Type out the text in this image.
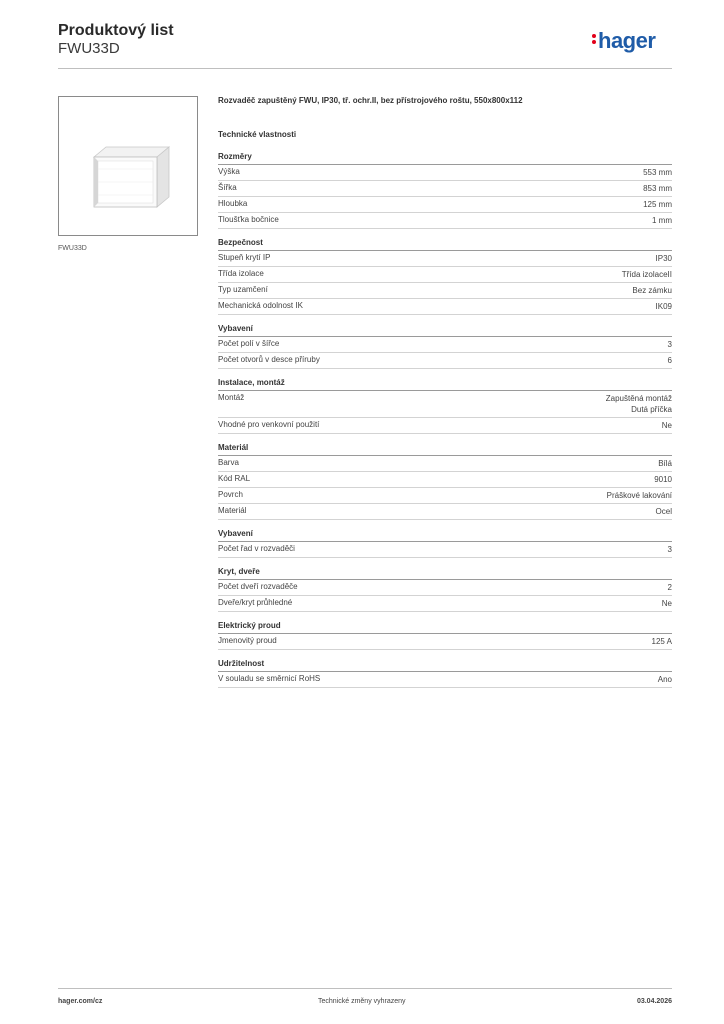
Produktový list
FWU33D	hager
FWU33D
Rozvaděč zapuštěný FWU, IP30, tř. ochr.II, bez přístrojového roštu, 550x800x112
Technické vlastnosti
Rozměry
Výška	553 mm
Šířka	853 mm
Hloubka	125 mm
Tloušťka bočnice	1 mm
Bezpečnost
Stupeň krytí IP	IP30
Třída izolace	Třída izolaceII
Typ uzamčení	Bez zámku
Mechanická odolnost IK	IK09
Vybavení
Počet polí v šířce	3
Počet otvorů v desce příruby	6
Instalace, montáž
Montáž	Zapuštěná montáž
Dutá příčka
Vhodné pro venkovní použití	Ne
Materiál
Barva	Bílá
Kód RAL	9010
Povrch	Práškové lakování
Materiál	Ocel
Vybavení
Počet řad v rozvaděči	3
Kryt, dveře
Počet dveří rozvaděče	2
Dveře/kryt průhledné	Ne
Elektrický proud
Jmenovitý proud	125 A
Udržitelnost
V souladu se směrnicí RoHS	Ano
hager.com/cz	Technické změny vyhrazeny	03.04.2026
